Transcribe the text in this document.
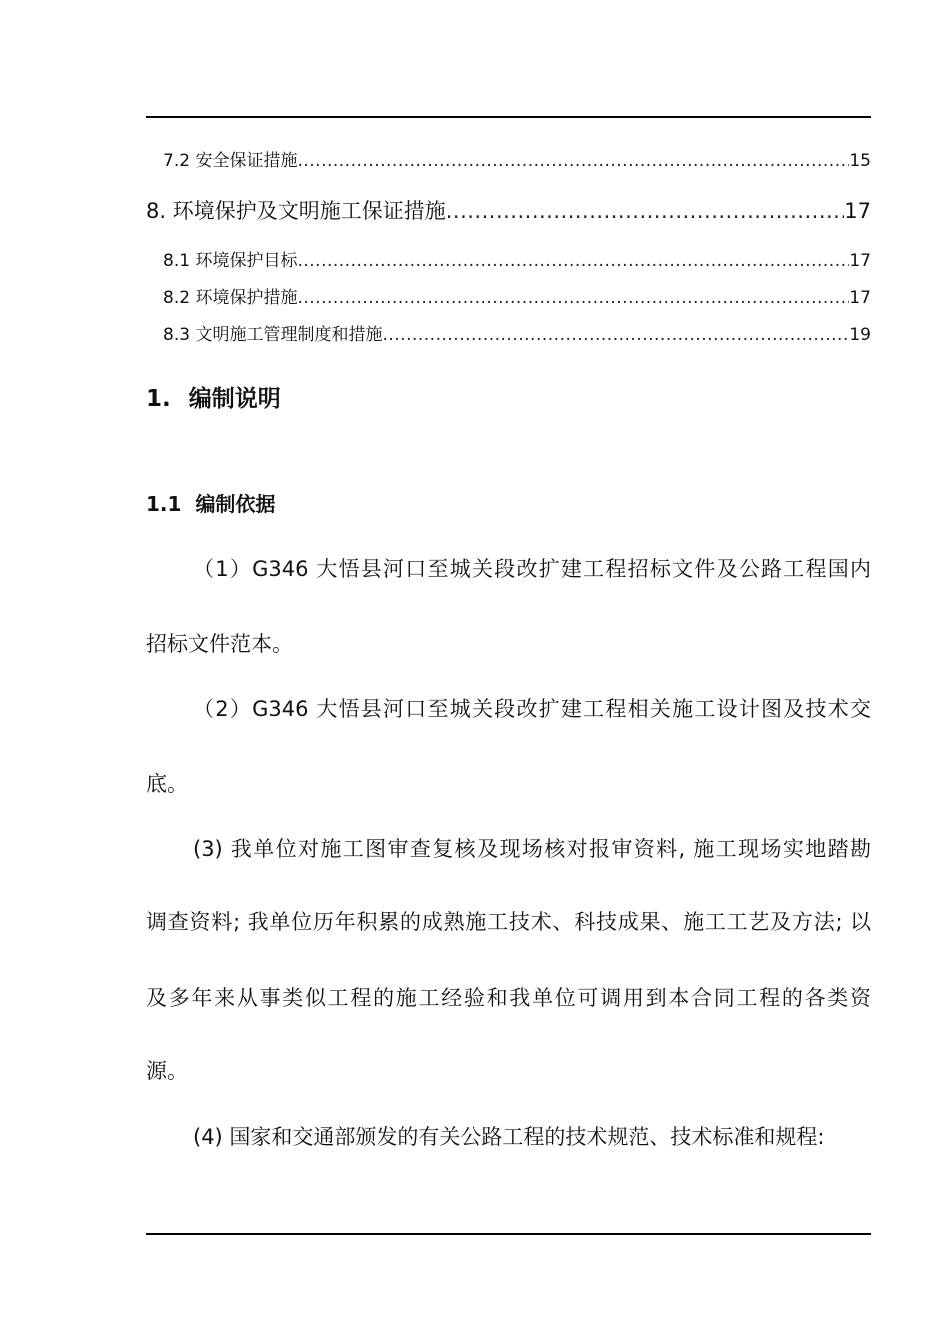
7.2 安全保证措施 .....	15
8. 环境保护及文明施工保证措施 .....	17
8.1 环境保护目标 .....	17
8.2 环境保护措施 .....	17
8.3 文明施工管理制度和措施 .....	19
1. 编制说明
1.1 编制依据
（1）G346 大悟县河口至城关段改扩建工程招标文件及公路工程国内
招标文件范本。
（2）G346 大悟县河口至城关段改扩建工程相关施工设计图及技术交
底。
(3) 我单位对施工图审查复核及现场核对报审资料, 施工现场实地踏勘
调查资料; 我单位历年积累的成熟施工技术、科技成果、施工工艺及方法; 以
及多年来从事类似工程的施工经验和我单位可调用到本合同工程的各类资
源。
(4) 国家和交通部颁发的有关公路工程的技术规范、技术标准和规程:
